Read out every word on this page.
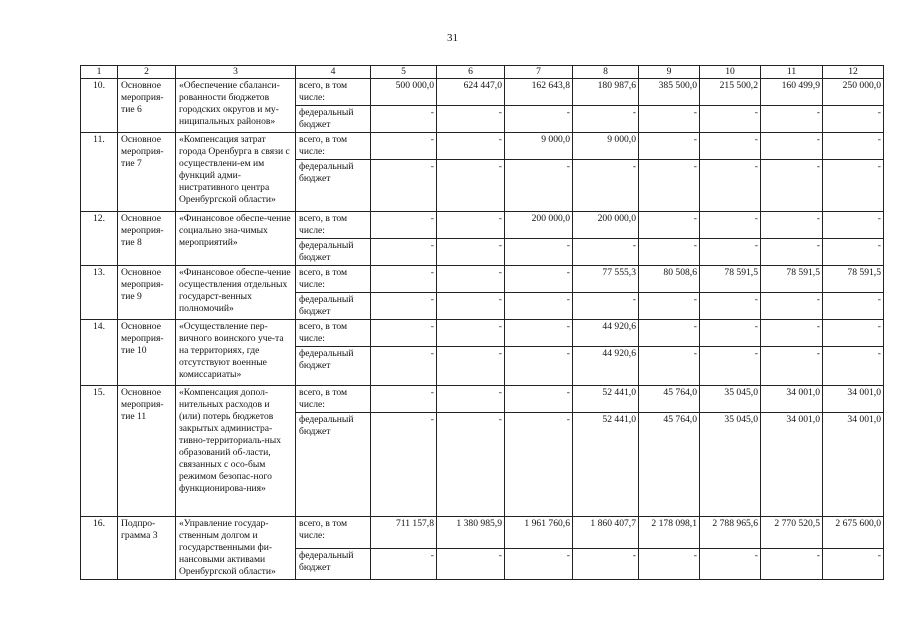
31
1	2	3	4	5	6	7	8	9	10	11	12
10.	Основное мероприя-тие 6	«Обеспечение сбаланси-рованности бюджетов городских округов и му-ниципальных районов»	всего, в том числе:	500 000,0	624 447,0	162 643,8	180 987,6	385 500,0	215 500,2	160 499,9	250 000,0
			федеральный бюджет	-	-	-	-	-	-	-	-
11.	Основное мероприя-тие 7	«Компенсация затрат города Оренбурга в связи с осуществлени-ем им функций адми-нистративного центра Оренбургской области»	всего, в том числе:	-	-	9 000,0	9 000,0	-	-	-	-
			федеральный бюджет	-	-	-	-	-	-	-	-
12.	Основное мероприя-тие 8	«Финансовое обеспе-чение социально зна-чимых мероприятий»	всего, в том числе:	-	-	200 000,0	200 000,0	-	-	-	-
			федеральный бюджет	-	-	-	-	-	-	-	-
13.	Основное мероприя-тие 9	«Финансовое обеспе-чение осуществления отдельных государст-венных полномочий»	всего, в том числе:	-	-	-	77 555,3	80 508,6	78 591,5	78 591,5	78 591,5
			федеральный бюджет	-	-	-	-	-	-	-	-
14.	Основное мероприя-тие 10	«Осуществление пер-вичного воинского уче-та на территориях, где отсутствуют военные комиссариаты»	всего, в том числе:	-	-	-	44 920,6	-	-	-	-
			федеральный бюджет	-	-	-	44 920,6	-	-	-	-
15.	Основное мероприя-тие 11	«Компенсация допол-нительных расходов и (или) потерь бюджетов закрытых администра-тивно-территориаль-ных образований об-ласти, связанных с осо-бым режимом безопас-ного функционирова-ния»	всего, в том числе:	-	-	-	52 441,0	45 764,0	35 045,0	34 001,0	34 001,0
			федеральный бюджет	-	-	-	52 441,0	45 764,0	35 045,0	34 001,0	34 001,0
16.	Подпро-грамма 3	«Управление государ-ственным долгом и государственными фи-нансовыми активами Оренбургской области»	всего, в том числе:	711 157,8	1 380 985,9	1 961 760,6	1 860 407,7	2 178 098,1	2 788 965,6	2 770 520,5	2 675 600,0
			федеральный бюджет	-	-	-	-	-	-	-	-
